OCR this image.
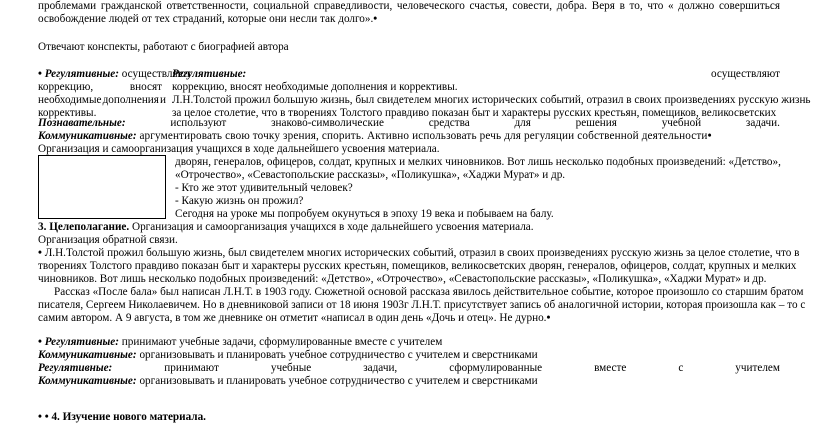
проблемами гражданской ответственности, социальной справедливости, человеческого счастья, совести, добра. Веря в то, что « должно совершиться
освобождение людей от тех страданий, которые они несли так долго».•
Отвечают конспекты, работают с биографией автора
• Регулятивные: осуществляют
Регулятивные:	осуществляют
коррекцию,	вносят коррекцию, вносят необходимые дополнения и коррективы.
необходимые дополнения и Л.Н.Толстой прожил большую жизнь, был свидетелем многих исторических событий, отразил в своих произведениях русскую жизнь
коррективы.	за целое столетие, что в творениях Толстого правдиво показан быт и характеры русских крестьян, помещиков, великосветских
Познавательные:	используют	знаково-символические	средства	для	решения	учебной	задачи.
Коммуникативные: аргументировать свою точку зрения, спорить. Активно использовать речь для регуляции собственной деятельности•
Организация и самоорганизация учащихся в ходе дальнейшего усвоения материала.
дворян, генералов, офицеров, солдат, крупных и мелких чиновников. Вот лишь несколько подобных произведений: «Детство»,
«Отрочество», «Севастопольские рассказы», «Поликушка», «Хаджи Мурат» и др.
- Кто же этот удивительный человек?
- Какую жизнь он прожил?
Сегодня на уроке мы попробуем окунуться в эпоху 19 века и побываем на балу.
3. Целеполагание. Организация и самоорганизация учащихся в ходе дальнейшего усвоения материала.
Организация обратной связи.
• Л.Н.Толстой прожил большую жизнь, был свидетелем многих исторических событий, отразил в своих произведениях русскую жизнь за целое столетие, что в
творениях Толстого правдиво показан быт и характеры русских крестьян, помещиков, великосветских дворян, генералов, офицеров, солдат, крупных и мелких
чиновников. Вот лишь несколько подобных произведений: «Детство», «Отрочество», «Севастопольские рассказы», «Поликушка», «Хаджи Мурат» и др.
Рассказ «После бала» был написан Л.Н.Т. в 1903 году. Сюжетной основой рассказа явилось действительное событие, которое произошло со старшим братом
писателя, Сергеем Николаевичем. Но в дневниковой записи от 18 июня 1903г Л.Н.Т. присутствует запись об аналогичной истории, которая произошла как – то с
самим автором. А 9 августа, в том же дневнике он отметит «написал в один день «Дочь и отец». Не дурно.•
• Регулятивные: принимают учебные задачи, сформулированные вместе с учителем
Коммуникативные: организовывать и планировать учебное сотрудничество с учителем и сверстниками
Регулятивные:	принимают	учебные	задачи,	сформулированные	вместе	с	учителем
Коммуникативные: организовывать и планировать учебное сотрудничество с учителем и сверстниками
• • 4. Изучение нового материала.
